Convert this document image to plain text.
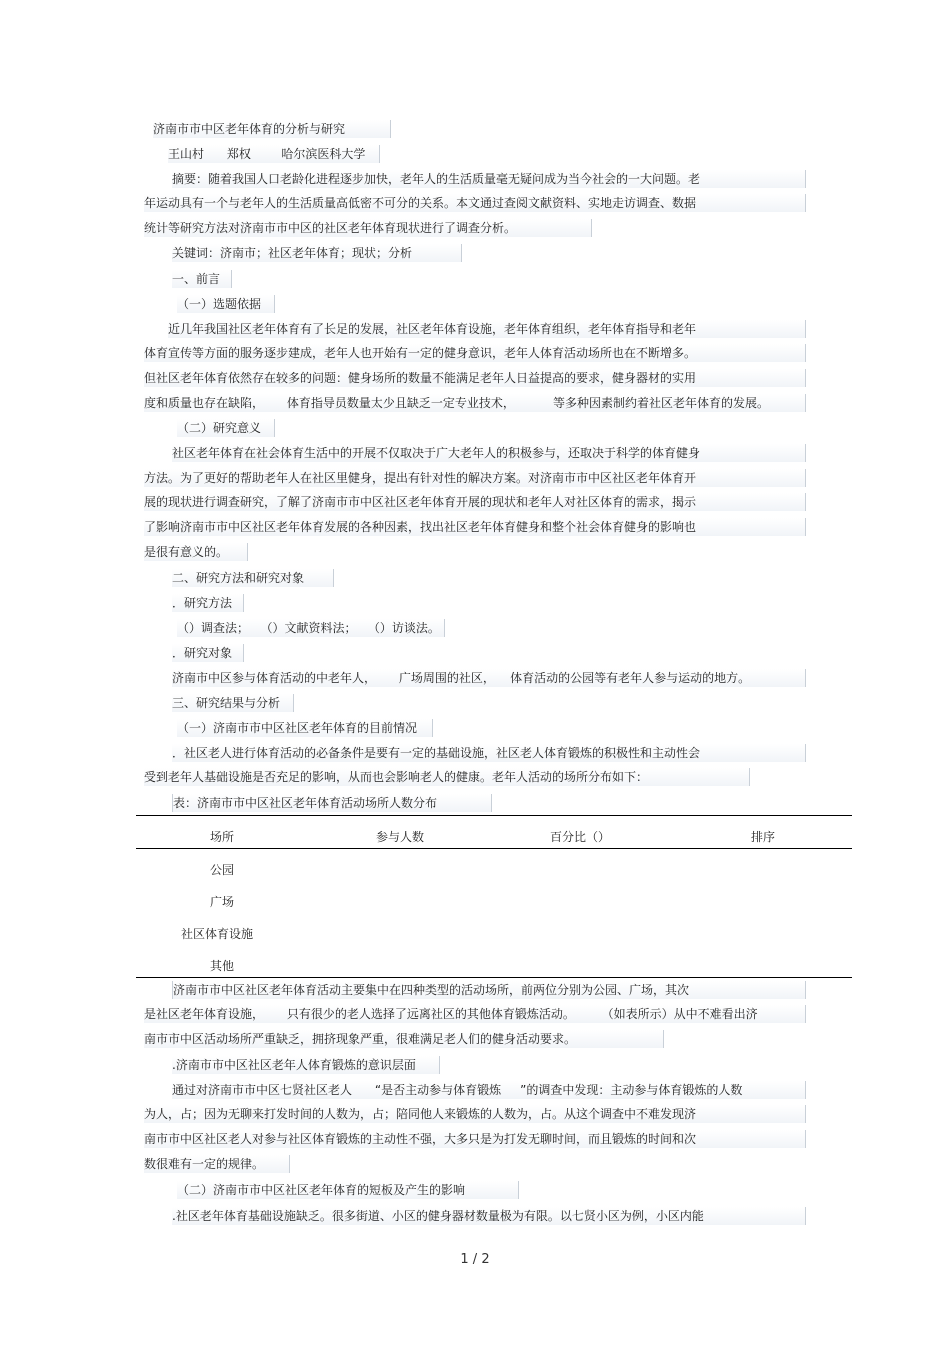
济南市市中区老年体育的分析与研究
王山村      郑权        哈尔滨医科大学
摘要：随着我国人口老龄化进程逐步加快，老年人的生活质量毫无疑问成为当今社会的一大问题。老
年运动具有一个与老年人的生活质量高低密不可分的关系。本文通过查阅文献资料、实地走访调查、数据
统计等研究方法对济南市市中区的社区老年体育现状进行了调查分析。
关键词：济南市；社区老年体育；现状；分析
一、前言
（一）选题依据
近几年我国社区老年体育有了长足的发展，社区老年体育设施，老年体育组织，老年体育指导和老年
体育宣传等方面的服务逐步建成，老年人也开始有一定的健身意识，老年人体育活动场所也在不断增多。
但社区老年体育依然存在较多的问题：健身场所的数量不能满足老年人日益提高的要求，健身器材的实用
度和质量也存在缺陷，      体育指导员数量太少且缺乏一定专业技术，          等多种因素制约着社区老年体育的发展。
（二）研究意义
社区老年体育在社会体育生活中的开展不仅取决于广大老年人的积极参与，还取决于科学的体育健身
方法。为了更好的帮助老年人在社区里健身，提出有针对性的解决方案。对济南市市中区社区老年体育开
展的现状进行调查研究，了解了济南市市中区社区老年体育开展的现状和老年人对社区体育的需求，揭示
了影响济南市市中区社区老年体育发展的各种因素，找出社区老年体育健身和整个社会体育健身的影响也
是很有意义的。
二、研究方法和研究对象
．研究方法
（）调查法；   （）文献资料法；   （）访谈法。
．研究对象
济南市中区参与体育活动的中老年人，      广场周围的社区，    体育活动的公园等有老年人参与运动的地方。
三、研究结果与分析
（一）济南市市中区社区老年体育的目前情况
．社区老人进行体育活动的必备条件是要有一定的基础设施，社区老人体育锻炼的积极性和主动性会
受到老年人基础设施是否充足的影响，从而也会影响老人的健康。老年人活动的场所分布如下：
表：济南市市中区社区老年体育活动场所人数分布
场所	参与人数	百分比（）	排序
公园
广场
社区体育设施
其他
济南市市中区社区老年体育活动主要集中在四种类型的活动场所，前两位分别为公园、广场，其次
是社区老年体育设施，      只有很少的老人选择了远离社区的其他体育锻炼活动。       （如表所示）从中不难看出济
南市市中区活动场所严重缺乏，拥挤现象严重，很难满足老人们的健身活动要求。
.济南市市中区社区老年人体育锻炼的意识层面
通过对济南市市中区七贤社区老人      “是否主动参与体育锻炼     ”的调查中发现：主动参与体育锻炼的人数
为人，占；因为无聊来打发时间的人数为，占；陪同他人来锻炼的人数为，占。从这个调查中不难发现济
南市市中区社区老人对参与社区体育锻炼的主动性不强，大多只是为打发无聊时间，而且锻炼的时间和次
数很难有一定的规律。
（二）济南市市中区社区老年体育的短板及产生的影响
.社区老年体育基础设施缺乏。很多街道、小区的健身器材数量极为有限。以七贤小区为例，小区内能
1 / 2
